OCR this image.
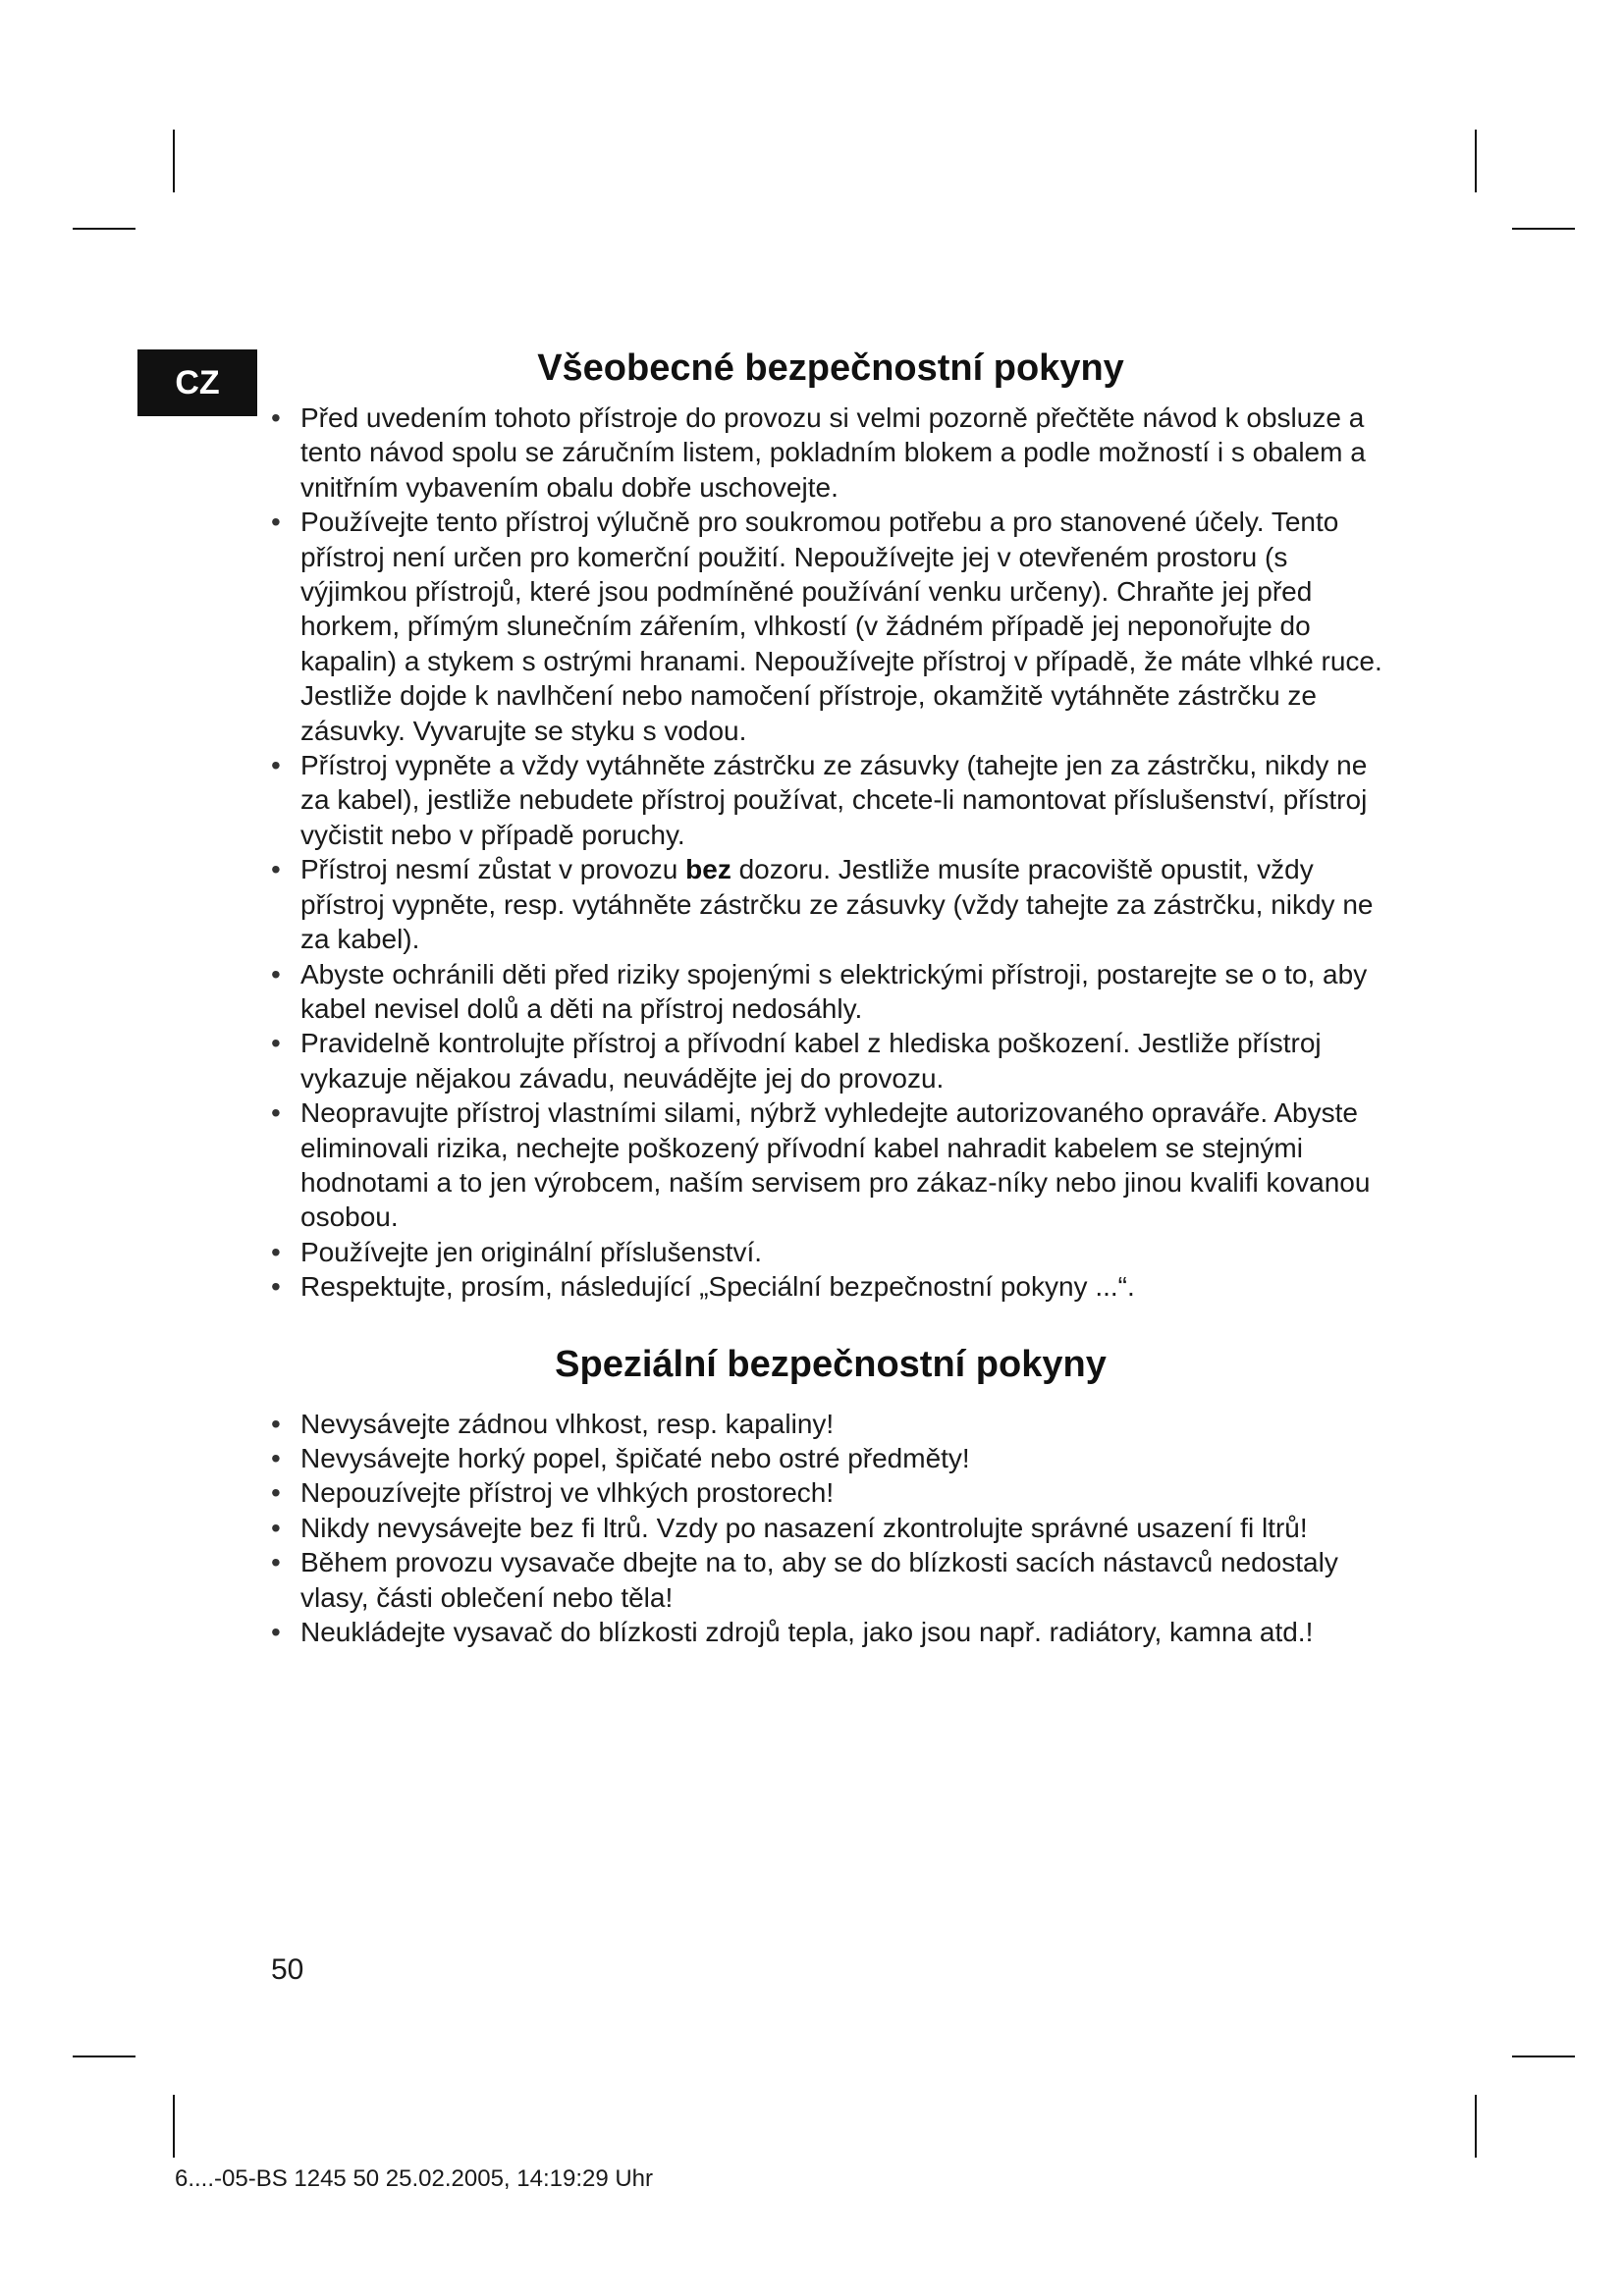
CZ	Všeobecné bezpečnostní pokyny
• Před uvedením tohoto přístroje do provozu si velmi pozorně přečtěte návod k obsluze a tento návod spolu se záručním listem, pokladním blokem a podle možností i s obalem a vnitřním vybavením obalu dobře uschovejte.
• Používejte tento přístroj výlučně pro soukromou potřebu a pro stanovené účely. Tento přístroj není určen pro komerční použití. Nepoužívejte jej v otevřeném prostoru (s výjimkou přístrojů, které jsou podmíněné používání venku určeny). Chraňte jej před horkem, přímým slunečním zářením, vlhkostí (v žádném případě jej neponořujte do kapalin) a stykem s ostrými hranami. Nepoužívejte přístroj v případě, že máte vlhké ruce. Jestliže dojde k navlhčení nebo namočení přístroje, okamžitě vytáhněte zástrčku ze zásuvky. Vyvarujte se styku s vodou.
• Přístroj vypněte a vždy vytáhněte zástrčku ze zásuvky (tahejte jen za zástrčku, nikdy ne za kabel), jestliže nebudete přístroj používat, chcete-li namontovat příslušenství, přístroj vyčistit nebo v případě poruchy.
• Přístroj nesmí zůstat v provozu bez dozoru. Jestliže musíte pracoviště opustit, vždy přístroj vypněte, resp. vytáhněte zástrčku ze zásuvky (vždy tahejte za zástrčku, nikdy ne za kabel).
• Abyste ochránili děti před riziky spojenými s elektrickými přístroji, postarejte se o to, aby kabel nevisel dolů a děti na přístroj nedosáhly.
• Pravidelně kontrolujte přístroj a přívodní kabel z hlediska poškození. Jestliže přístroj vykazuje nějakou závadu, neuvádějte jej do provozu.
• Neopravujte přístroj vlastními silami, nýbrž vyhledejte autorizovaného opraváře. Abyste eliminovali rizika, nechejte poškozený přívodní kabel nahradit kabelem se stejnými hodnotami a to jen výrobcem, naším servisem pro zákaz-níky nebo jinou kvalifi kovanou osobou.
• Používejte jen originální příslušenství.
• Respektujte, prosím, následující „Speciální bezpečnostní pokyny ...“.
Speziální bezpečnostní pokyny
• Nevysávejte zádnou vlhkost, resp. kapaliny!
• Nevysávejte horký popel, špičaté nebo ostré předměty!
• Nepouzívejte přístroj ve vlhkých prostorech!
• Nikdy nevysávejte bez fi ltrů. Vzdy po nasazení zkontrolujte správné usazení fi ltrů!
• Během provozu vysavače dbejte na to, aby se do blízkosti sacích nástavců nedostaly vlasy, části oblečení nebo těla!
• Neukládejte vysavač do blízkosti zdrojů tepla, jako jsou např. radiátory, kamna atd.!
50
6....-05-BS 1245 50 25.02.2005, 14:19:29 Uhr
